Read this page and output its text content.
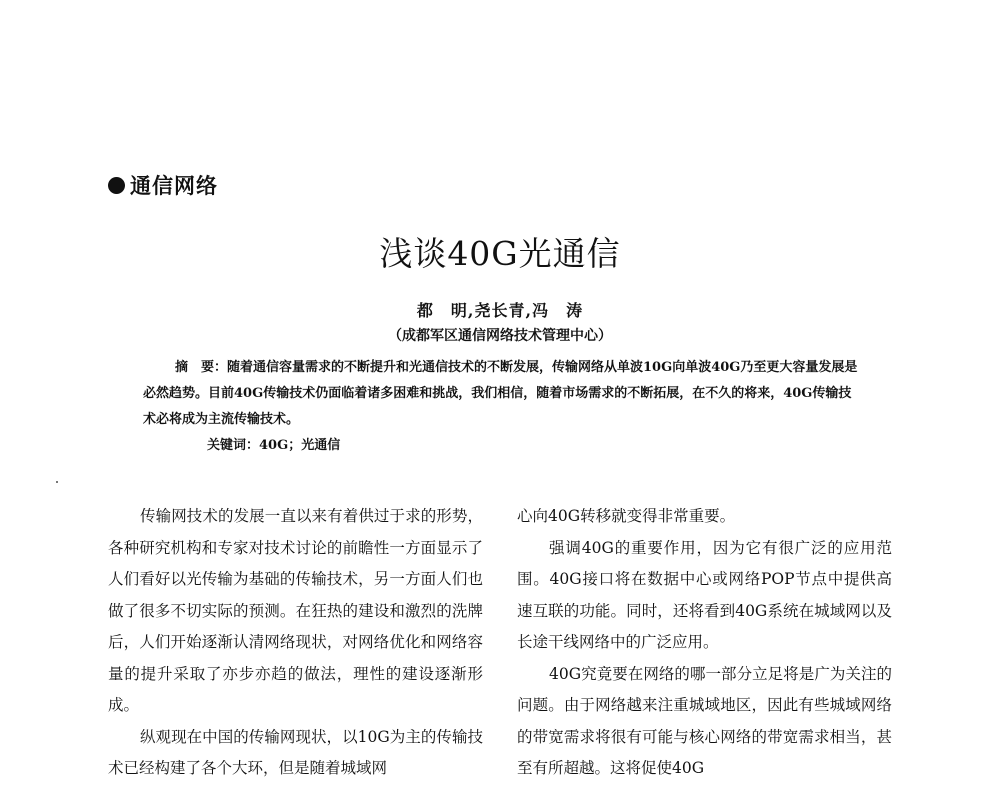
通信网络
浅谈40G光通信
都　明,尧长青,冯　涛
（成都军区通信网络技术管理中心）

摘　要：随着通信容量需求的不断提升和光通信技术的不断发展，传输网络从单波10G向单波40G乃至更大容量发展是必然趋势。目前40G传输技术仍面临着诸多困难和挑战，我们相信，随着市场需求的不断拓展，在不久的将来，40G传输技术必将成为主流传输技术。

关键词：40G；光通信

传输网技术的发展一直以来有着供过于求的形势，各种研究机构和专家对技术讨论的前瞻性一方面显示了人们看好以光传输为基础的传输技术，另一方面人们也做了很多不切实际的预测。在狂热的建设和激烈的洗牌后，人们开始逐渐认清网络现状，对网络优化和网络容量的提升采取了亦步亦趋的做法，理性的建设逐渐形成。

纵观现在中国的传输网现状，以10G为主的传输技术已经构建了各个大环，但是随着城域网

心向40G转移就变得非常重要。

强调40G的重要作用，因为它有很广泛的应用范围。40G接口将在数据中心或网络POP节点中提供高速互联的功能。同时，还将看到40G系统在城域网以及长途干线网络中的广泛应用。

40G究竟要在网络的哪一部分立足将是广为关注的问题。由于网络越来注重城域地区，因此有些城域网络的带宽需求将很有可能与核心网络的带宽需求相当，甚至有所超越。这将促使40G
